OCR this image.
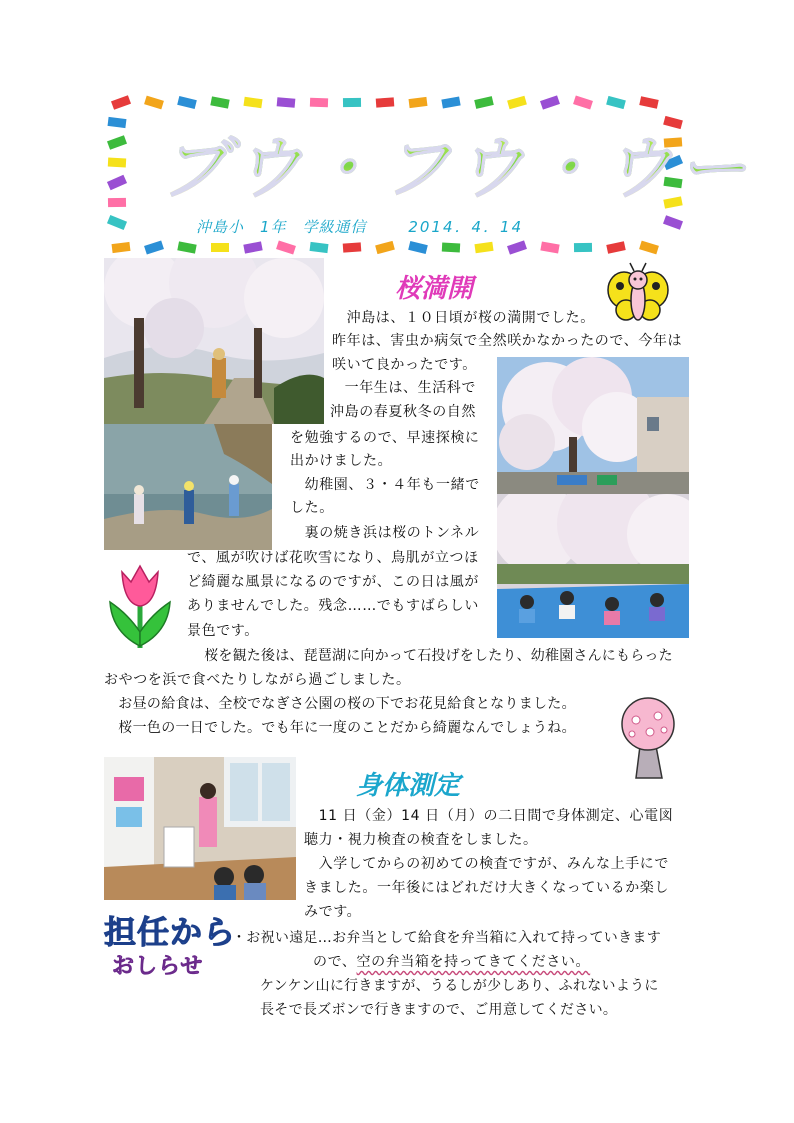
ブウ・フウ・ウー
沖島小　1年　学級通信	2014．4．14
桜満開
　沖島は、１０日頃が桜の満開でした。
昨年は、害虫か病気で全然咲かなかったので、今年は
咲いて良かったです。
　一年生は、生活科で
沖島の春夏秋冬の自然
を勉強するので、早速探検に
出かけました。
　幼稚園、３・４年も一緒で
した。
　裏の焼き浜は桜のトンネル
で、風が吹けば花吹雪になり、鳥肌が立つほ
ど綺麗な風景になるのですが、この日は風が
ありませんでした。残念……でもすばらしい
景色です。
　桜を観た後は、琵琶湖に向かって石投げをしたり、幼稚園さんにもらった
おやつを浜で食べたりしながら過ごしました。
　お昼の給食は、全校でなぎさ公園の桜の下でお花見給食となりました。
　桜一色の一日でした。でも年に一度のことだから綺麗なんでしょうね。
身体測定
　11 日（金）14 日（月）の二日間で身体測定、心電図
聴力・視力検査の検査をしました。
　入学してからの初めての検査ですが、みんな上手にで
きました。一年後にはどれだけ大きくなっているか楽し
みです。
担任から
おしらせ
・お祝い遠足…お弁当として給食を弁当箱に入れて持っていきます
ので、空の弁当箱を持ってきてください。
ケンケン山に行きますが、うるしが少しあり、ふれないように
長そで長ズボンで行きますので、ご用意してください。
